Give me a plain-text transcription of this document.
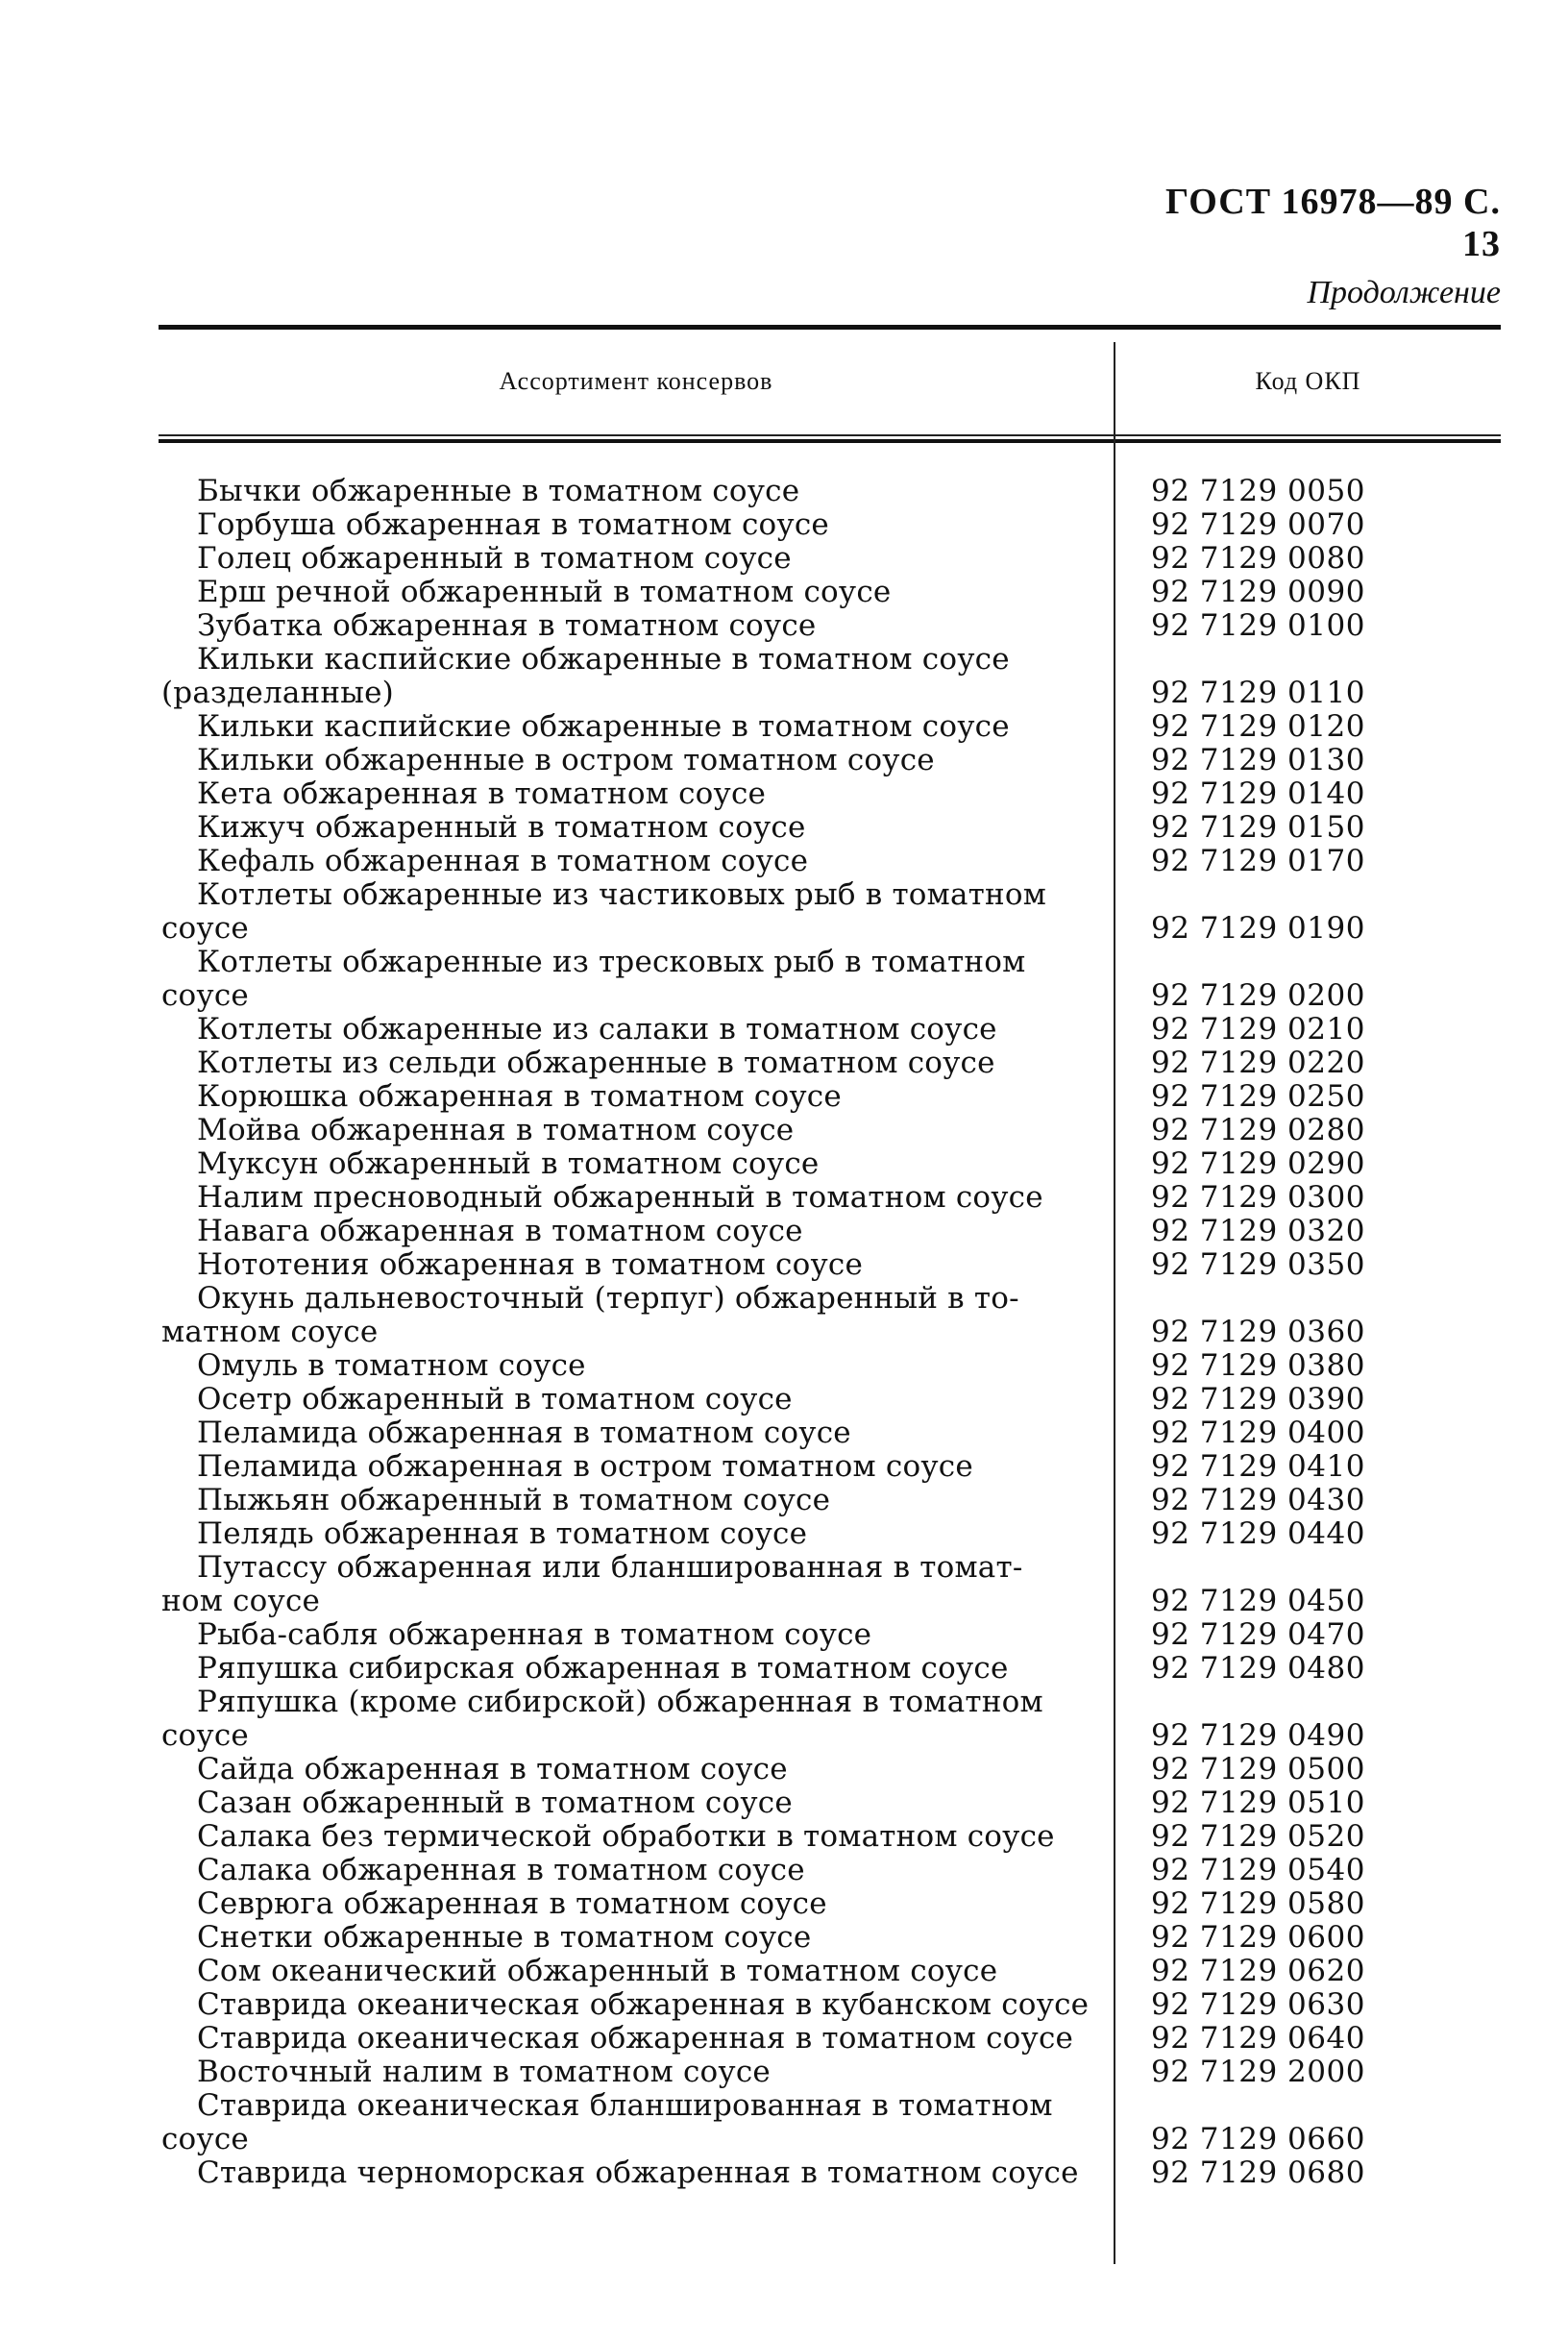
ГОСТ 16978—89 С. 13
Продолжение
Ассортимент консервов	Код ОКП
Бычки обжаренные в томатном соусе	92 7129 0050
Горбуша обжаренная в томатном соусе	92 7129 0070
Голец обжаренный в томатном соусе	92 7129 0080
Ерш речной обжаренный в томатном соусе	92 7129 0090
Зубатка обжаренная в томатном соусе	92 7129 0100
Кильки каспийские обжаренные в томатном соусе
(разделанные)	92 7129 0110
Кильки каспийские обжаренные в томатном соусе	92 7129 0120
Кильки обжаренные в остром томатном соусе	92 7129 0130
Кета обжаренная в томатном соусе	92 7129 0140
Кижуч обжаренный в томатном соусе	92 7129 0150
Кефаль обжаренная в томатном соусе	92 7129 0170
Котлеты обжаренные из частиковых рыб в томатном
соусе	92 7129 0190
Котлеты обжаренные из тресковых рыб в томатном
соусе	92 7129 0200
Котлеты обжаренные из салаки в томатном соусе	92 7129 0210
Котлеты из сельди обжаренные в томатном соусе	92 7129 0220
Корюшка обжаренная в томатном соусе	92 7129 0250
Мойва обжаренная в томатном соусе	92 7129 0280
Муксун обжаренный в томатном соусе	92 7129 0290
Налим пресноводный обжаренный в томатном соусе	92 7129 0300
Навага обжаренная в томатном соусе	92 7129 0320
Нототения обжаренная в томатном соусе	92 7129 0350
Окунь дальневосточный (терпуг) обжаренный в то-
матном соусе	92 7129 0360
Омуль в томатном соусе	92 7129 0380
Осетр обжаренный в томатном соусе	92 7129 0390
Пеламида обжаренная в томатном соусе	92 7129 0400
Пеламида обжаренная в остром томатном соусе	92 7129 0410
Пыжьян обжаренный в томатном соусе	92 7129 0430
Пелядь обжаренная в томатном соусе	92 7129 0440
Путассу обжаренная или бланшированная в томат-
ном соусе	92 7129 0450
Рыба-сабля обжаренная в томатном соусе	92 7129 0470
Ряпушка сибирская обжаренная в томатном соусе	92 7129 0480
Ряпушка (кроме сибирской) обжаренная в томатном
соусе	92 7129 0490
Сайда обжаренная в томатном соусе	92 7129 0500
Сазан обжаренный в томатном соусе	92 7129 0510
Салака без термической обработки в томатном соусе	92 7129 0520
Салака обжаренная в томатном соусе	92 7129 0540
Севрюга обжаренная в томатном соусе	92 7129 0580
Снетки обжаренные в томатном соусе	92 7129 0600
Сом океанический обжаренный в томатном соусе	92 7129 0620
Ставрида океаническая обжаренная в кубанском соусе	92 7129 0630
Ставрида океаническая обжаренная в томатном соусе	92 7129 0640
Восточный налим в томатном соусе	92 7129 2000
Ставрида океаническая бланшированная в томатном
соусе	92 7129 0660
Ставрида черноморская обжаренная в томатном соусе	92 7129 0680
